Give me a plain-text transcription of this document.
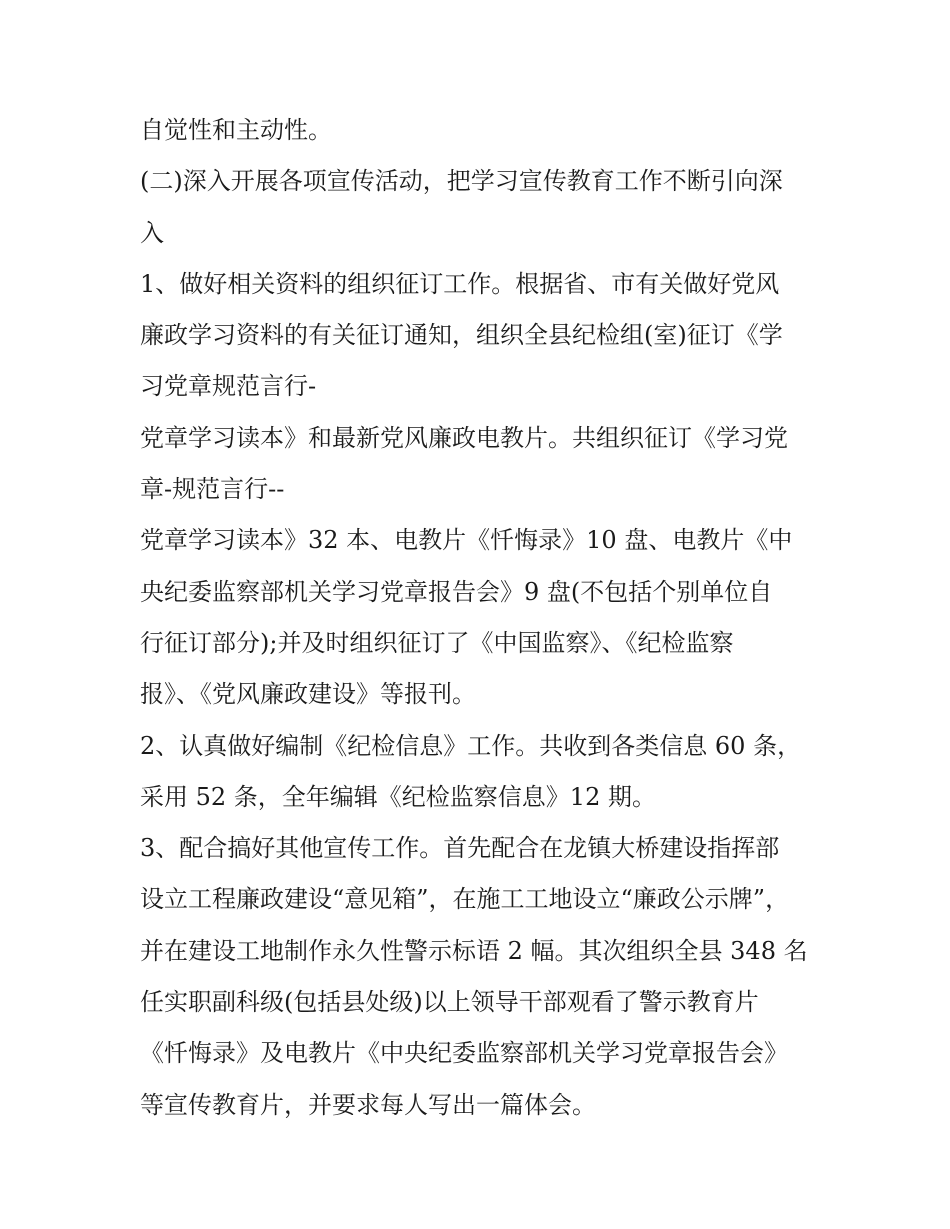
自觉性和主动性。
(二)深入开展各项宣传活动，把学习宣传教育工作不断引向深
入
1、做好相关资料的组织征订工作。根据省、市有关做好党风
廉政学习资料的有关征订通知，组织全县纪检组(室)征订《学
习党章规范言行-
党章学习读本》和最新党风廉政电教片。共组织征订《学习党
章-规范言行--
党章学习读本》32 本、电教片《忏悔录》10 盘、电教片《中
央纪委监察部机关学习党章报告会》9 盘(不包括个别单位自
行征订部分);并及时组织征订了《中国监察》、《纪检监察
报》、《党风廉政建设》等报刊。
2、认真做好编制《纪检信息》工作。共收到各类信息 60 条，
采用 52 条，全年编辑《纪检监察信息》12 期。
3、配合搞好其他宣传工作。首先配合在龙镇大桥建设指挥部
设立工程廉政建设“意见箱”，在施工工地设立“廉政公示牌”，
并在建设工地制作永久性警示标语 2 幅。其次组织全县 348 名
任实职副科级(包括县处级)以上领导干部观看了警示教育片
《忏悔录》及电教片《中央纪委监察部机关学习党章报告会》
等宣传教育片，并要求每人写出一篇体会。
